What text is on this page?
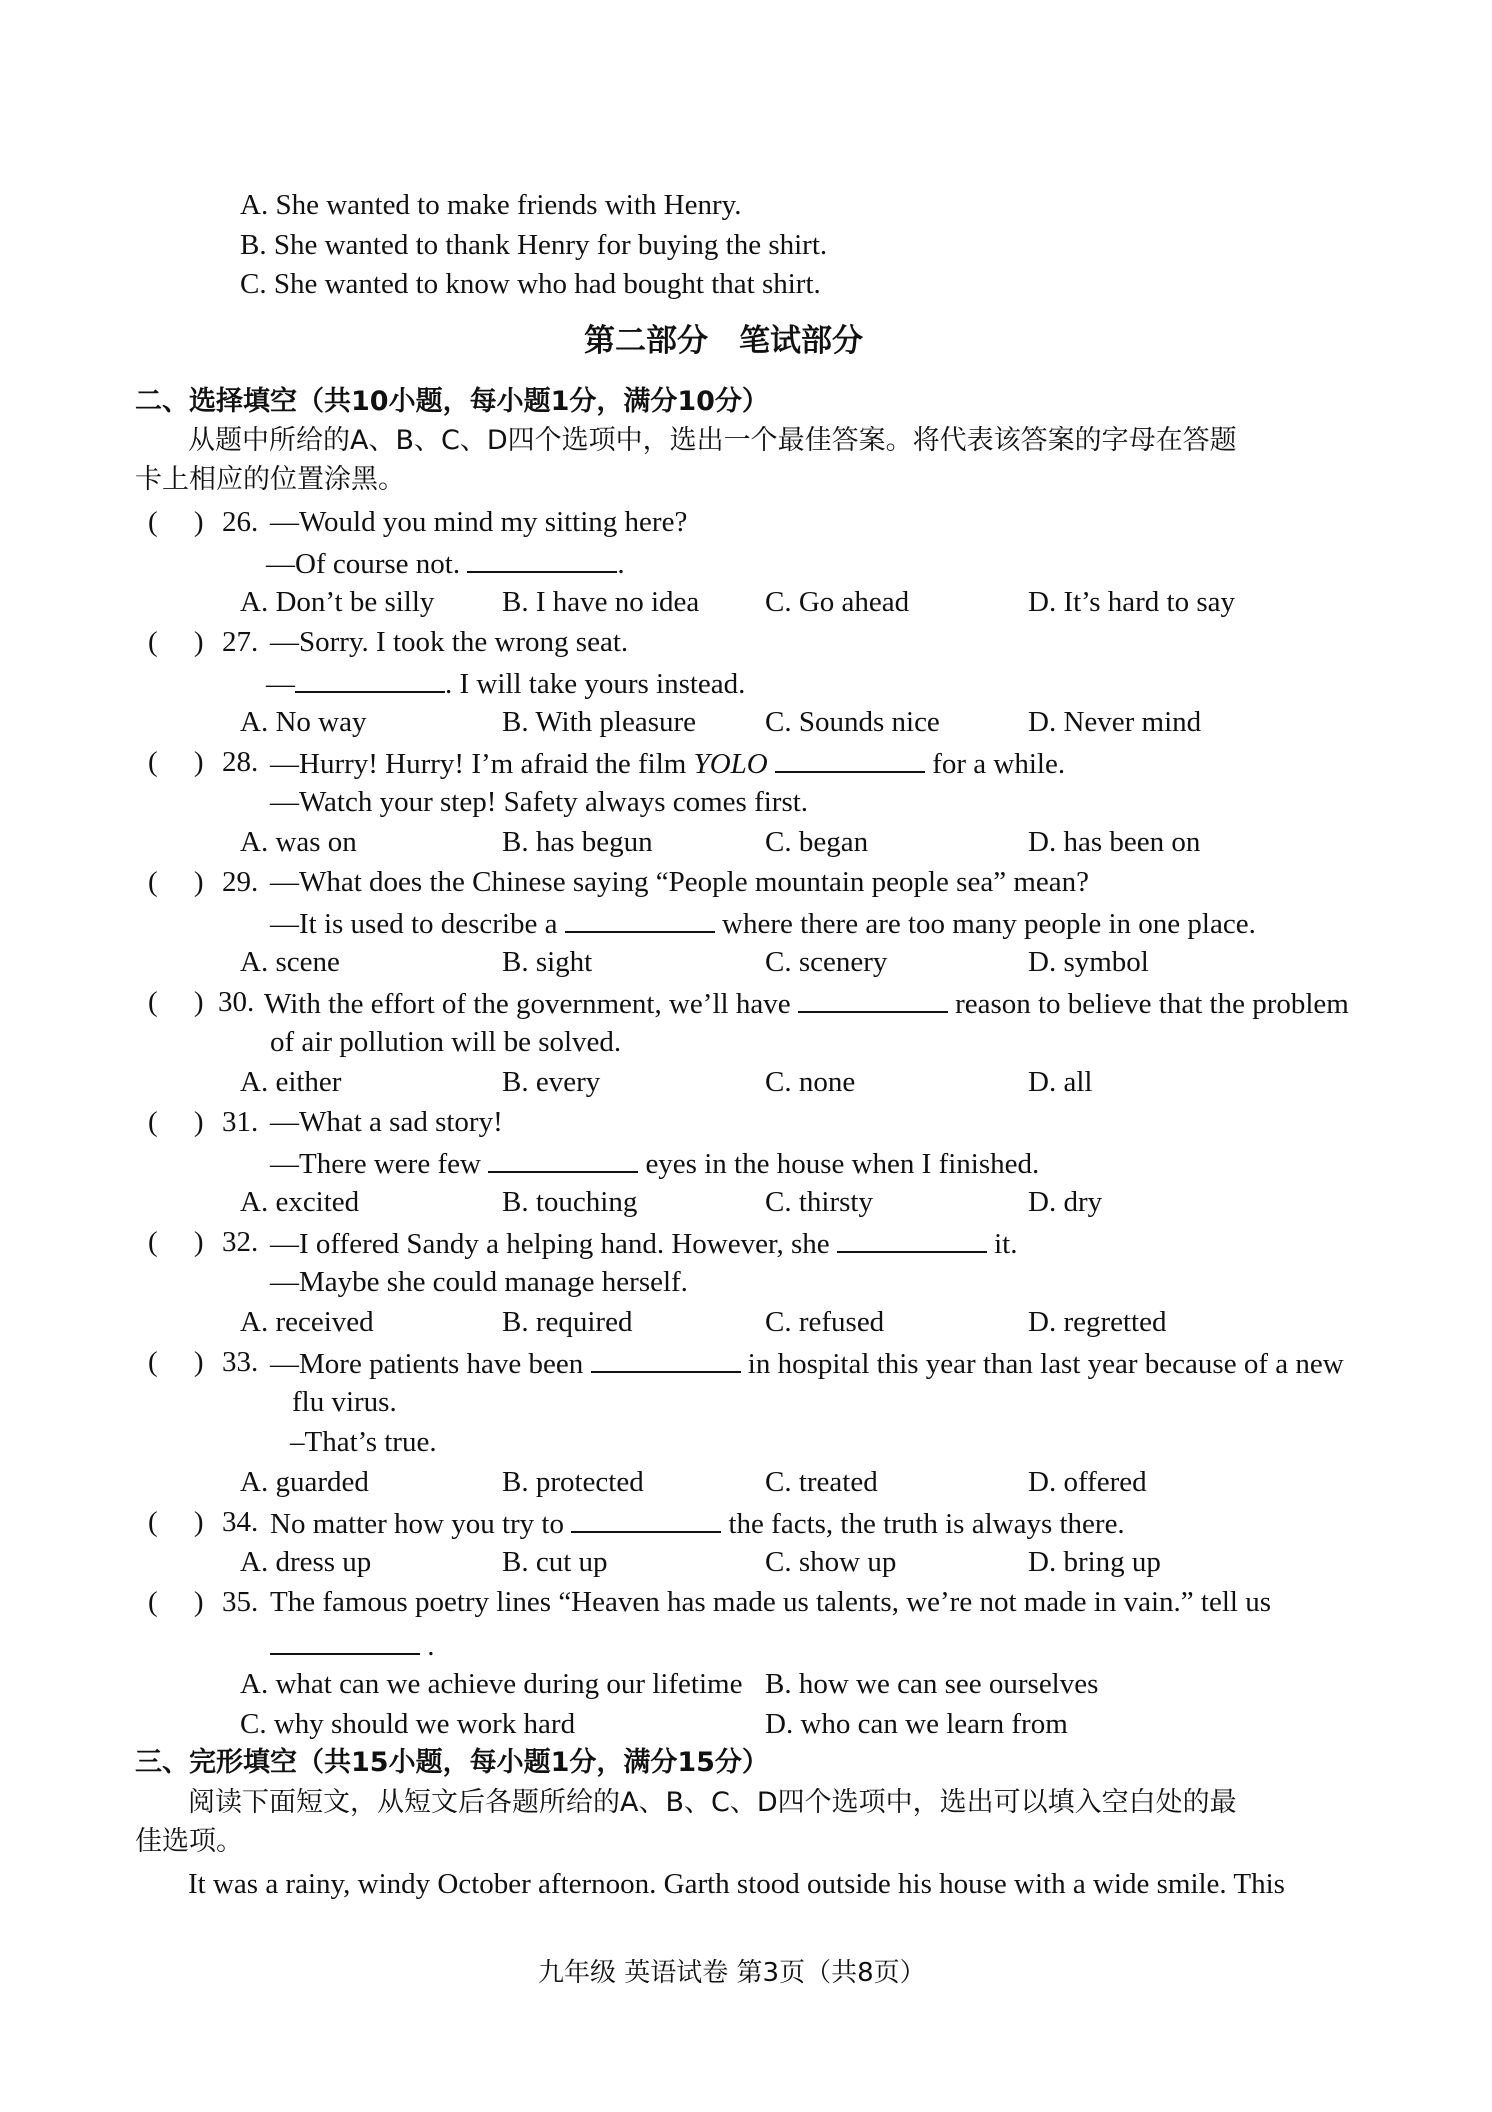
A. She wanted to make friends with Henry.
B. She wanted to thank Henry for buying the shirt.
C. She wanted to know who had bought that shirt.
第二部分　笔试部分
二、选择填空（共10小题，每小题1分，满分10分）
从题中所给的A、B、C、D四个选项中，选出一个最佳答案。将代表该答案的字母在答题
卡上相应的位置涂黑。
(     ) 26. —Would you mind my sitting here?
—Of course not.	.
A. Don’t be silly B. I have no idea C. Go ahead	D. It’s hard to say
(     ) 27. —Sorry. I took the wrong seat.
—	. I will take yours instead.
A. No way	B. With pleasure C. Sounds nice	D. Never mind
(     ) 28. —Hurry! Hurry! I’m afraid the film YOLO	for a while.
—Watch your step! Safety always comes first.
A. was on	B. has begun	C. began	D. has been on
(     ) 29. —What does the Chinese saying “People mountain people sea” mean?
—It is used to describe a	where there are too many people in one place.
A. scene	B. sight	C. scenery	D. symbol
(     ) 30. With the effort of the government, we’ll have	reason to believe that the problem
of air pollution will be solved.
A. either	B. every	C. none	D. all
(     ) 31. —What a sad story!
—There were few	eyes in the house when I finished.
A. excited	B. touching	C. thirsty	D. dry
(     ) 32. —I offered Sandy a helping hand. However, she	it.
—Maybe she could manage herself.
A. received	B. required	C. refused	D. regretted
(     ) 33. —More patients have been	in hospital this year than last year because of a new
flu virus.
–That’s true.
A. guarded	B. protected	C. treated	D. offered
(     ) 34. No matter how you try to	the facts, the truth is always there.
A. dress up	B. cut up	C. show up	D. bring up
(     ) 35. The famous poetry lines “Heaven has made us talents, we’re not made in vain.” tell us
.
A. what can we achieve during our lifetime B. how we can see ourselves
C. why should we work hard	D. who can we learn from
三、完形填空（共15小题，每小题1分，满分15分）
阅读下面短文，从短文后各题所给的A、B、C、D四个选项中，选出可以填入空白处的最
佳选项。
It was a rainy, windy October afternoon. Garth stood outside his house with a wide smile. This
九年级 英语试卷 第3页（共8页）
